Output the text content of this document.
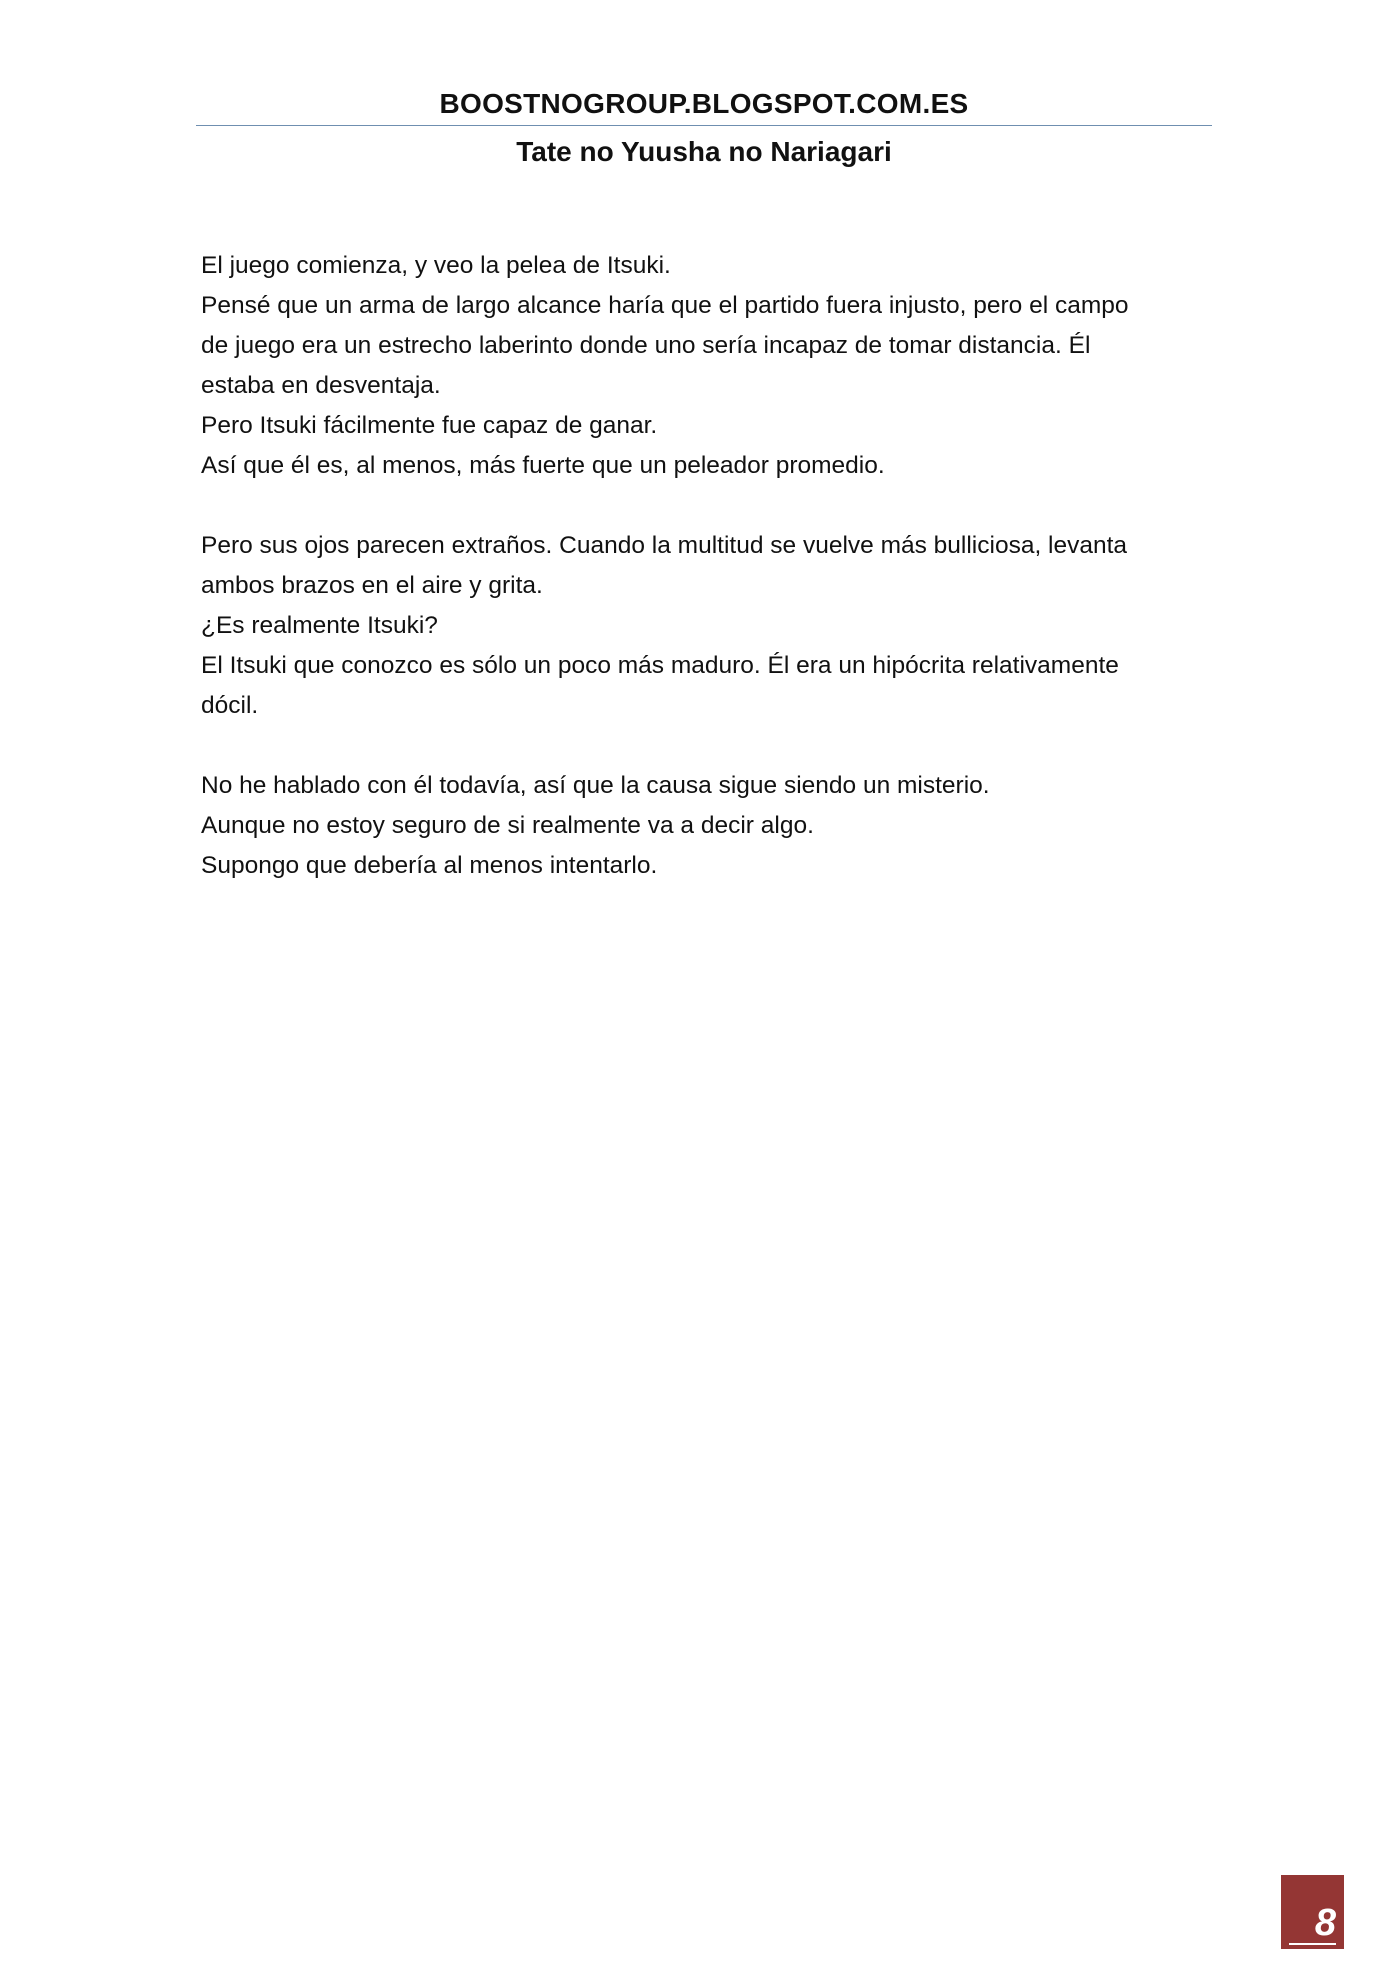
BOOSTNOGROUP.BLOGSPOT.COM.ES
Tate no Yuusha no Nariagari

El juego comienza, y veo la pelea de Itsuki.
Pensé que un arma de largo alcance haría que el partido fuera injusto, pero el campo
de juego era un estrecho laberinto donde uno sería incapaz de tomar distancia. Él
estaba en desventaja.
Pero Itsuki fácilmente fue capaz de ganar.
Así que él es, al menos, más fuerte que un peleador promedio.

Pero sus ojos parecen extraños. Cuando la multitud se vuelve más bulliciosa, levanta
ambos brazos en el aire y grita.
¿Es realmente Itsuki?
El Itsuki que conozco es sólo un poco más maduro. Él era un hipócrita relativamente
dócil.

No he hablado con él todavía, así que la causa sigue siendo un misterio.
Aunque no estoy seguro de si realmente va a decir algo.
Supongo que debería al menos intentarlo.

8
